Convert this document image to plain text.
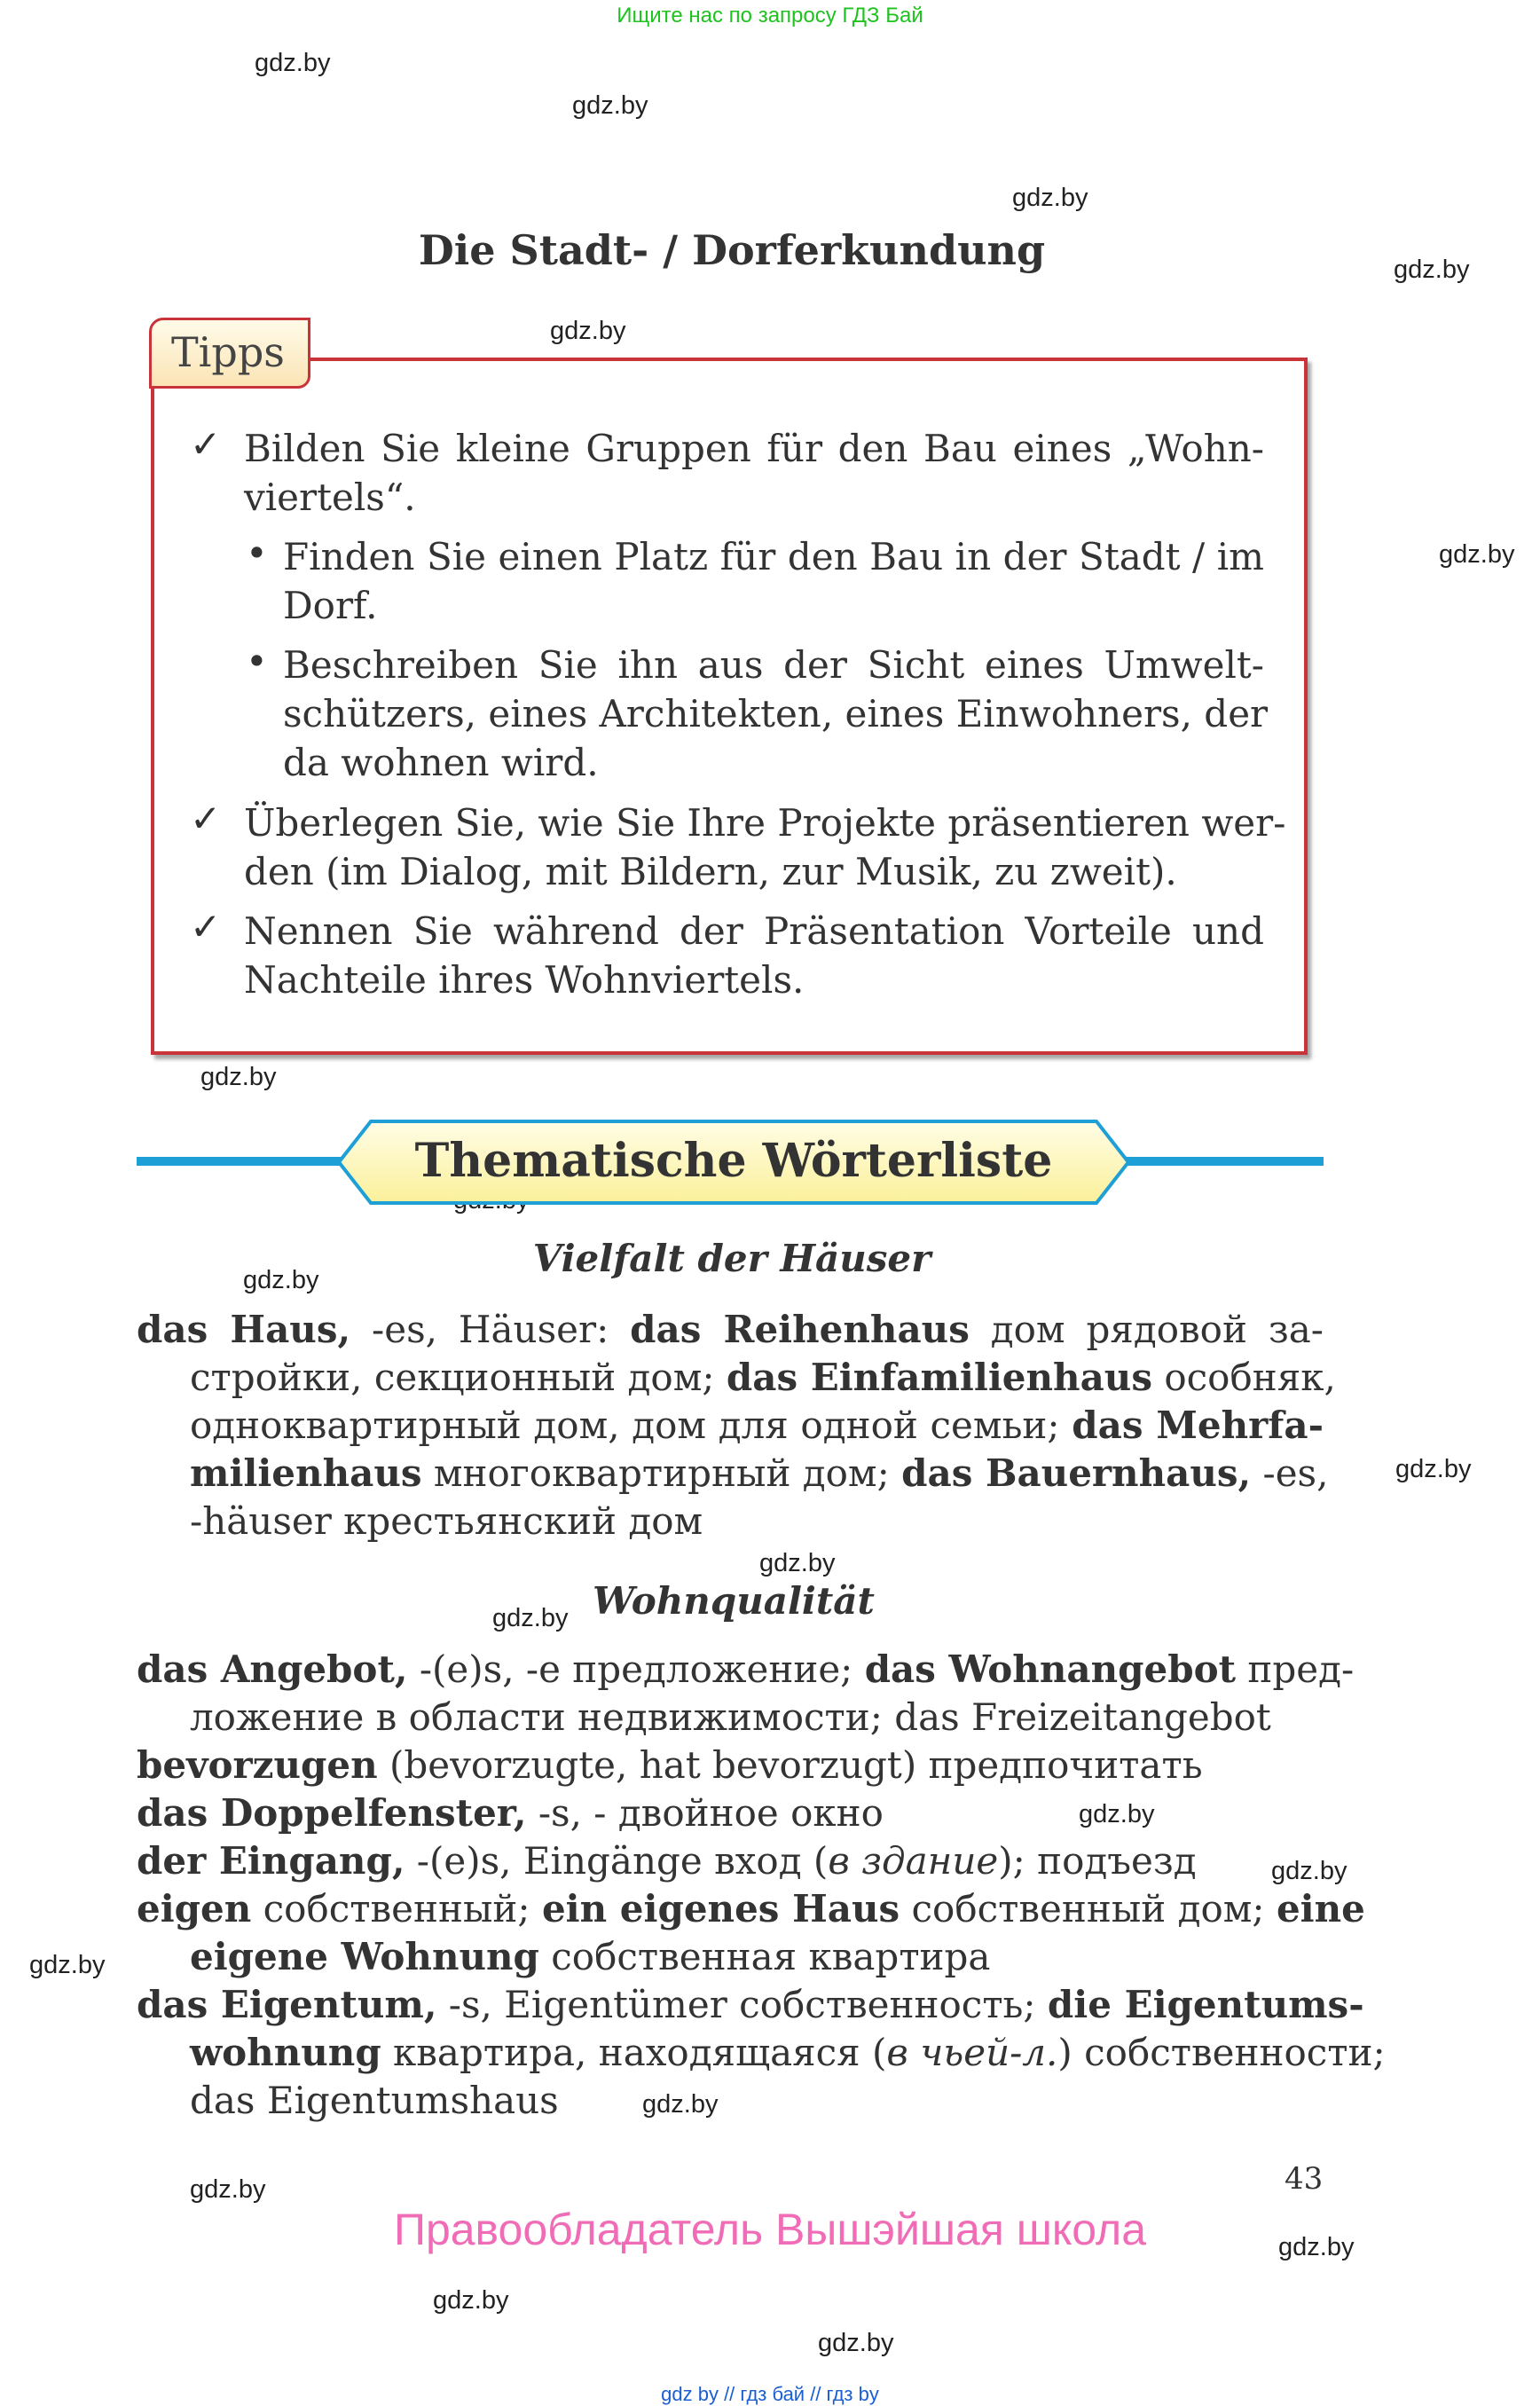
Ищите нас по запросу ГДЗ Бай
gdz.by
gdz.by
gdz.by
gdz.by
gdz.by
gdz.by
gdz.by
gdz.by
gdz.by
gdz.by
gdz.by
gdz.by
gdz.by
gdz.by
gdz.by
gdz.by
gdz.by
gdz.by
gdz.by
Die Stadt- / Dorferkundung
Tipps
✓ Bilden Sie kleine Gruppen für den Bau eines „Wohn-
viertels“.
• Finden Sie einen Platz für den Bau in der Stadt / im
Dorf.
• Beschreiben Sie ihn aus der Sicht eines Umwelt-
schützers, eines Architekten, eines Einwohners, der
da wohnen wird.
✓ Überlegen Sie, wie Sie Ihre Projekte präsentieren wer-
den (im Dialog, mit Bildern, zur Musik, zu zweit).
✓ Nennen Sie während der Präsentation Vorteile und
Nachteile ihres Wohnviertels.
Thematische Wörterliste
Vielfalt der Häuser
das Haus, -es, Häuser: das Reihenhaus дом рядовой за-
стройки, секционный дом; das Einfamilienhaus особняк,
одноквартирный дом, дом для одной семьи; das Mehrfa-
milienhaus многоквартирный дом; das Bauernhaus, -es,
-häuser крестьянский дом
Wohnqualität
das Angebot, -(e)s, -e предложение; das Wohnangebot пред-
ложение в области недвижимости; das Freizeitangebot
bevorzugen (bevorzugte, hat bevorzugt) предпочитать
das Doppelfenster, -s, - двойное окно
der Eingang, -(e)s, Eingänge вход (в здание); подъезд
eigen собственный; ein eigenes Haus собственный дом; eine
eigene Wohnung собственная квартира
das Eigentum, -s, Eigentümer собственность; die Eigentums-
wohnung квартира, находящаяся (в чьей-л.) собственности;
das Eigentumshaus
43
Правообладатель Вышэйшая школа
gdz by // гдз бай // гдз by
